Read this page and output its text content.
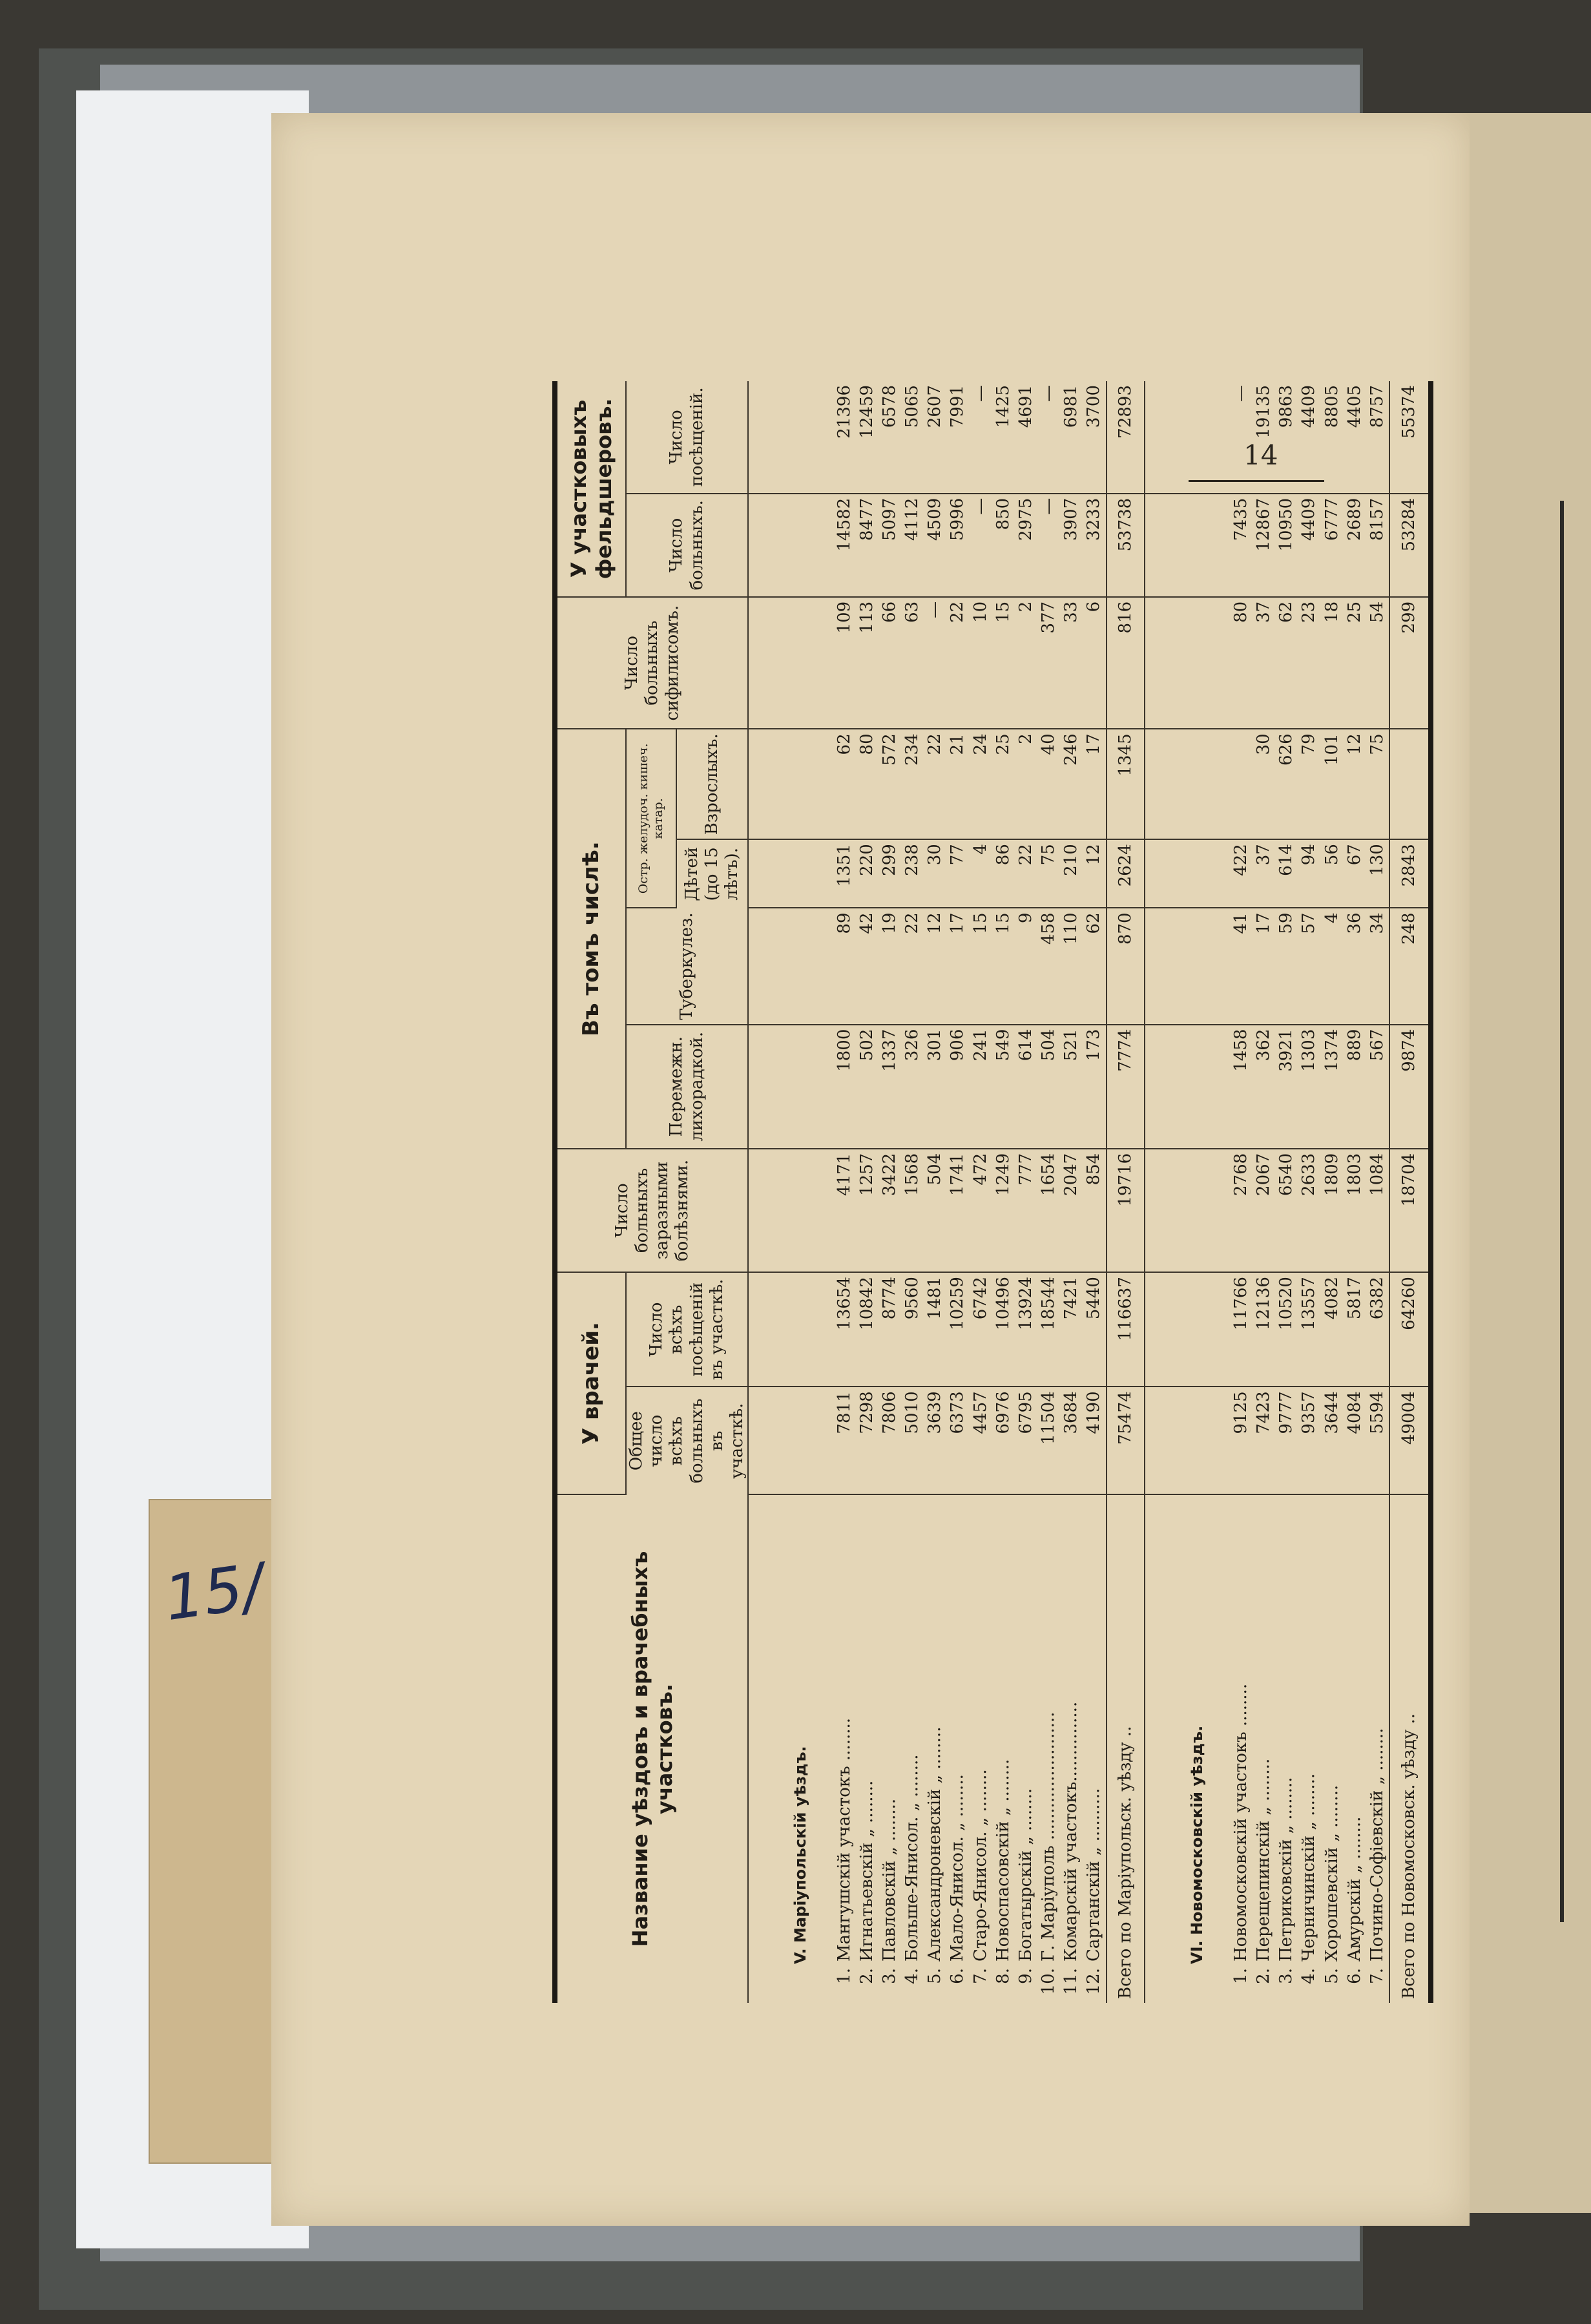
15/
14
Название уѣздовъ и врачебныхъ участковъ.	У врачей.		Число больныхъ заразными болѣзнями.	Въ томъ числѣ.				Число больныхъ сифилисомъ.	У участковыхъ фельдшеровъ.	
	Общее число всѣхъ больныхъ въ участкѣ.	Число всѣхъ посѣщеній въ участкѣ.		Перемежн. лихорадкой.	Туберкулез.	Остр. желудоч. кишеч. катар.			Число больныхъ.	Число посѣщеній.
						Дѣтей (до 15 лѣтъ).	Взрослыхъ.			
V. Маріупольскій уѣздъ.										
1.Мангушскій участокъ ........	7811	13654	4171	1800	89	1351	62	109	14582	21396
2.Игнатьевскій „ ........	7298	10842	1257	502	42	220	80	113	8477	12459
3.Павловскій „ ........	7806	8774	3422	1337	19	299	572	66	5097	6578
4.Больше-Янисол. „ ........	5010	9560	1568	326	22	238	234	63	4112	5065
5.Александроневскій „ ........	3639	1481	504	301	12	30	22	—	4509	2607
6.Мало-Янисол. „ ........	6373	10259	1741	906	17	77	21	22	5996	7991
7.Старо-Янисол. „ ........	4457	6742	472	241	15	4	24	10	—	—
8.Новоспасовскій „ ........	6976	10496	1249	549	15	86	25	15	850	1425
9.Богатырскій „ ........	6795	13924	777	614	9	22	2	2	2975	4691
10.Г. Маріуполь ........................	11504	18544	1654	504	458	75	40	377	—	—
11.Комарскій участокъ...............	3684	7421	2047	521	110	210	246	33	3907	6981
12.Сартанскій „ ..........	4190	5440	854	173	62	12	17	6	3233	3700
Всего по Маріупольск. уѣзду ..	75474	116637	19716	7774	870	2624	1345	816	53738	72893
VI. Новомосковскій уѣздъ.										
1.Новомосковскій участокъ ........	9125	11766	2768	1458	41	422		80	7435	—
2.Перещепинскій „ ........	7423	12136	2067	362	17	37	30	37	12867	19135
3.Петриковскій „ ........	9777	10520	6540	3921	59	614	626	62	10950	9863
4.Черничинскій „ ........	9357	13557	2633	1303	57	94	79	23	4409	4409
5.Хорошевскій „ ........	3644	4082	1809	1374	4	56	101	18	6777	8805
6.Амурскій „ ........	4084	5817	1803	889	36	67	12	25	2689	4405
7.Почино-Софіевскій „ ........	5594	6382	1084	567	34	130	75	54	8157	8757
Всего по Новомосковск. уѣзду ..	49004	64260	18704	9874	248	2843		299	53284	55374
